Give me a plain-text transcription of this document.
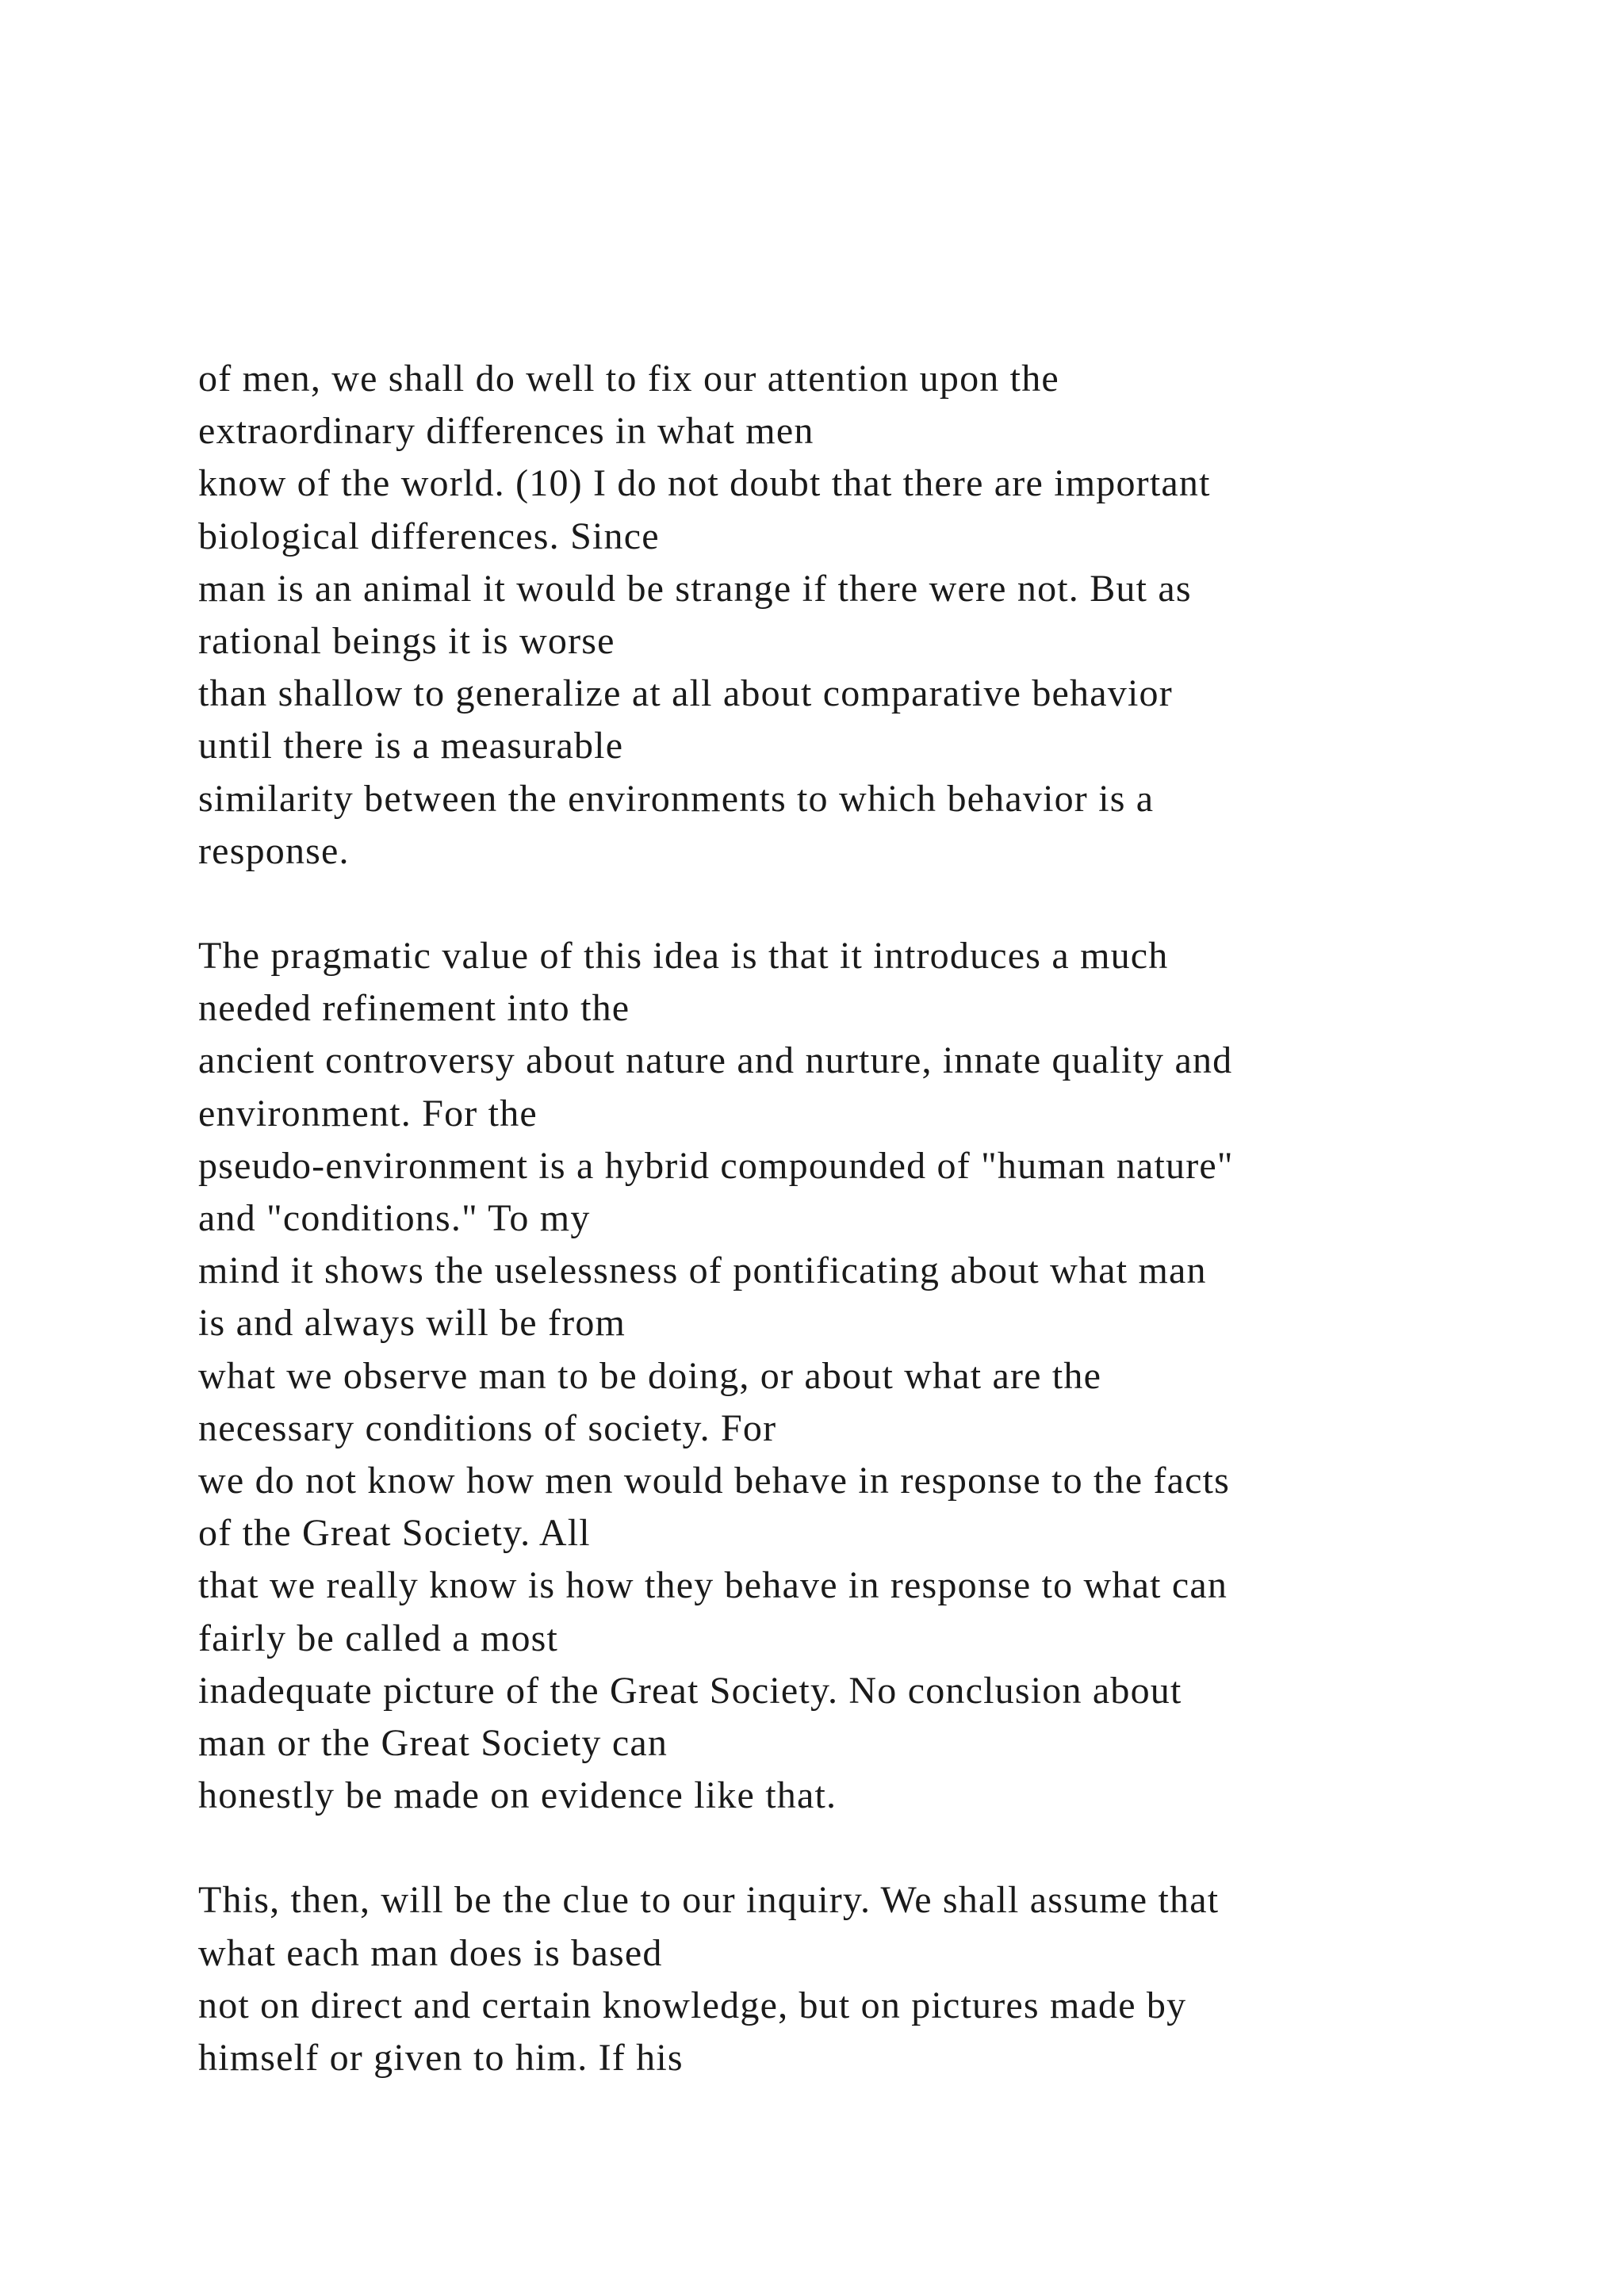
of men, we shall do well to fix our attention upon the
extraordinary differences in what men
know of the world. (10) I do not doubt that there are important
biological differences. Since
man is an animal it would be strange if there were not. But as
rational beings it is worse
than shallow to generalize at all about comparative behavior
until there is a measurable
similarity between the environments to which behavior is a
response.
The pragmatic value of this idea is that it introduces a much
needed refinement into the
ancient controversy about nature and nurture, innate quality and
environment. For the
pseudo-environment is a hybrid compounded of "human nature"
and "conditions." To my
mind it shows the uselessness of pontificating about what man
is and always will be from
what we observe man to be doing, or about what are the
necessary conditions of society. For
we do not know how men would behave in response to the facts
of the Great Society. All
that we really know is how they behave in response to what can
fairly be called a most
inadequate picture of the Great Society. No conclusion about
man or the Great Society can
honestly be made on evidence like that.
This, then, will be the clue to our inquiry. We shall assume that
what each man does is based
not on direct and certain knowledge, but on pictures made by
himself or given to him. If his
